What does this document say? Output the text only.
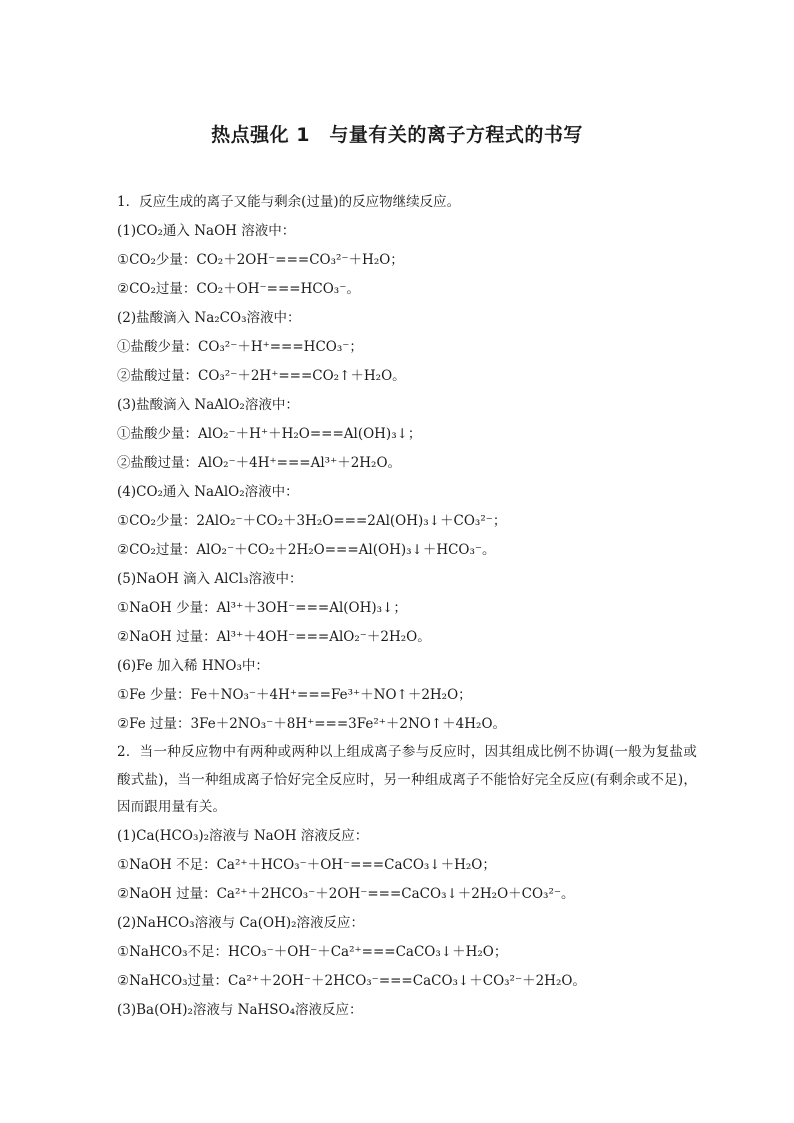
热点强化 1　与量有关的离子方程式的书写
1．反应生成的离子又能与剩余(过量)的反应物继续反应。
(1)CO₂通入 NaOH 溶液中：
①CO₂少量：CO₂＋2OH⁻===CO₃²⁻＋H₂O；
②CO₂过量：CO₂＋OH⁻===HCO₃⁻。
(2)盐酸滴入 Na₂CO₃溶液中：
①盐酸少量：CO₃²⁻＋H⁺===HCO₃⁻；
②盐酸过量：CO₃²⁻＋2H⁺===CO₂↑＋H₂O。
(3)盐酸滴入 NaAlO₂溶液中：
①盐酸少量：AlO₂⁻＋H⁺＋H₂O===Al(OH)₃↓；
②盐酸过量：AlO₂⁻＋4H⁺===Al³⁺＋2H₂O。
(4)CO₂通入 NaAlO₂溶液中：
①CO₂少量：2AlO₂⁻＋CO₂＋3H₂O===2Al(OH)₃↓＋CO₃²⁻；
②CO₂过量：AlO₂⁻＋CO₂＋2H₂O===Al(OH)₃↓＋HCO₃⁻。
(5)NaOH 滴入 AlCl₃溶液中：
①NaOH 少量：Al³⁺＋3OH⁻===Al(OH)₃↓；
②NaOH 过量：Al³⁺＋4OH⁻===AlO₂⁻＋2H₂O。
(6)Fe 加入稀 HNO₃中：
①Fe 少量：Fe＋NO₃⁻＋4H⁺===Fe³⁺＋NO↑＋2H₂O；
②Fe 过量：3Fe＋2NO₃⁻＋8H⁺===3Fe²⁺＋2NO↑＋4H₂O。
2．当一种反应物中有两种或两种以上组成离子参与反应时，因其组成比例不协调(一般为复盐或酸式盐)，当一种组成离子恰好完全反应时，另一种组成离子不能恰好完全反应(有剩余或不足)，因而跟用量有关。
(1)Ca(HCO₃)₂溶液与 NaOH 溶液反应：
①NaOH 不足：Ca²⁺＋HCO₃⁻＋OH⁻===CaCO₃↓＋H₂O；
②NaOH 过量：Ca²⁺＋2HCO₃⁻＋2OH⁻===CaCO₃↓＋2H₂O＋CO₃²⁻。
(2)NaHCO₃溶液与 Ca(OH)₂溶液反应：
①NaHCO₃不足：HCO₃⁻＋OH⁻＋Ca²⁺===CaCO₃↓＋H₂O；
②NaHCO₃过量：Ca²⁺＋2OH⁻＋2HCO₃⁻===CaCO₃↓＋CO₃²⁻＋2H₂O。
(3)Ba(OH)₂溶液与 NaHSO₄溶液反应：
